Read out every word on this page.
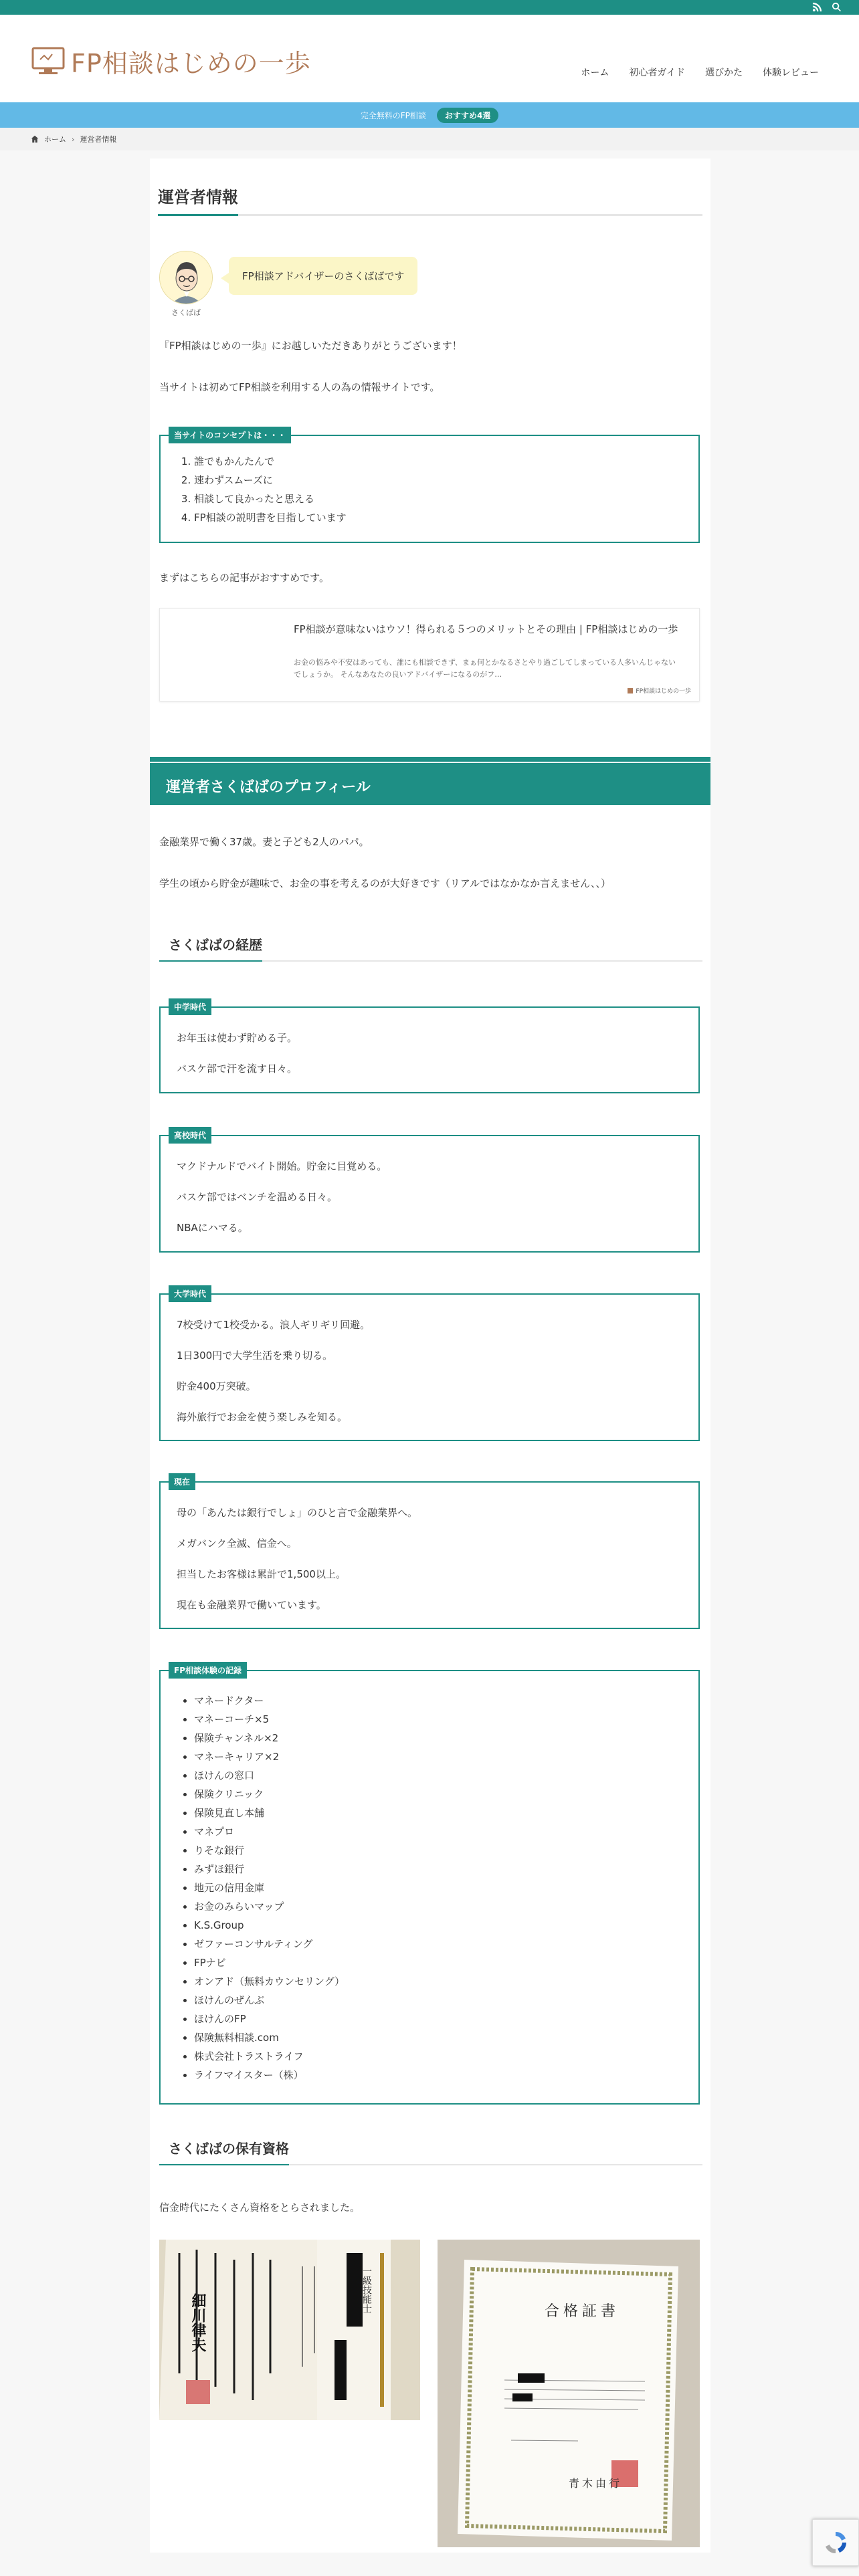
FP相談はじめの一歩	ホーム 初心者ガイド 選びかた 体験レビュー
完全無料のFP相談	おすすめ4選
ホーム › 運営者情報
運営者情報
さくばば
FP相談アドバイザーのさくばばです

『FP相談はじめの一歩』にお越しいただきありがとうございます！

当サイトは初めてFP相談を利用する人の為の情報サイトです。

当サイトのコンセプトは・・・
1. 誰でもかんたんで
2. 速わずスムーズに
3. 相談して良かったと思える
4. FP相談の説明書を目指しています

まずはこちらの記事がおすすめです。

FP相談が意味ないはウソ！得られる５つのメリットとその理由 | FP相談はじめの一歩
お金の悩みや不安はあっても、誰にも相談できず、まぁ何とかなるさとやり過ごしてしまっている人多いんじゃないでしょうか。 そんなあなたの良いアドバイザーになるのがフ…
FP相談はじめの一歩
運営者さくばばのプロフィール

金融業界で働く37歳。妻と子ども2人のパパ。

学生の頃から貯金が趣味で、お金の事を考えるのが大好きです（リアルではなかなか言えません、、）

さくばばの経歴
中学時代
お年玉は使わず貯める子。
バスケ部で汗を流す日々。
高校時代
マクドナルドでバイト開始。貯金に目覚める。
バスケ部ではベンチを温める日々。
NBAにハマる。
大学時代
7校受けて1校受かる。浪人ギリギリ回避。
1日300円で大学生活を乗り切る。
貯金400万突破。
海外旅行でお金を使う楽しみを知る。
現在
母の「あんたは銀行でしょ」のひと言で金融業界へ。
メガバンク全滅、信金へ。
担当したお客様は累計で1,500以上。
現在も金融業界で働いています。
FP相談体験の記録
• マネードクター
• マネーコーチ×5
• 保険チャンネル×2
• マネーキャリア×2
• ほけんの窓口
• 保険クリニック
• 保険見直し本舗
• マネプロ
• りそな銀行
• みずほ銀行
• 地元の信用金庫
• お金のみらいマップ
• K.S.Group
• ゼファーコンサルティング
• FPナビ
• オンアド（無料カウンセリング）
• ほけんのぜんぶ
• ほけんのFP
• 保険無料相談.com
• 株式会社トラストライフ
• ライフマイスター（株）
さくばばの保有資格

信金時代にたくさん資格をとらされました。

一級技能士
細川律夫	合格証書
青木由行
